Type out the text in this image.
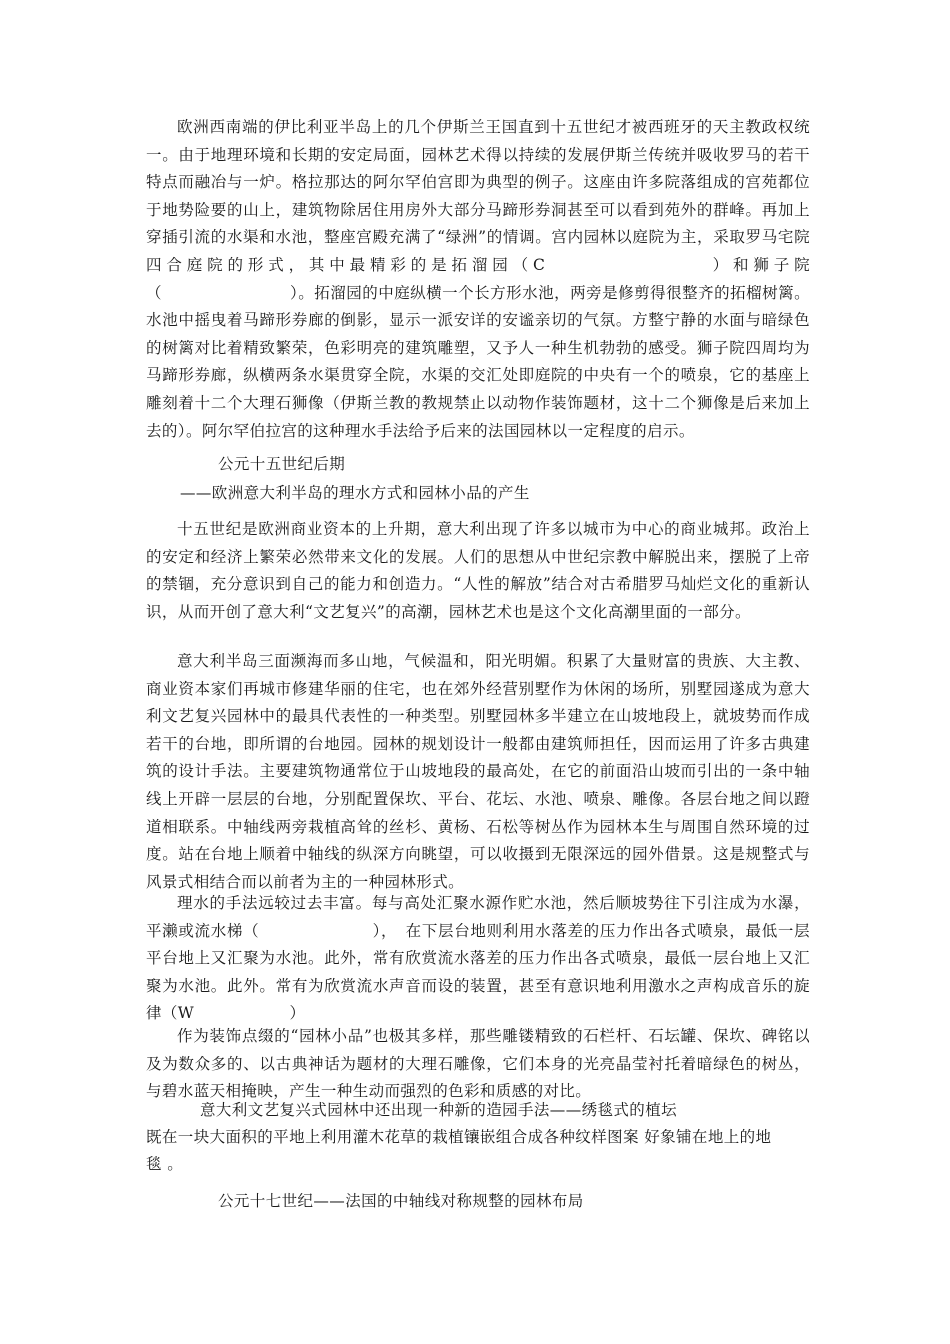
欧洲西南端的伊比利亚半岛上的几个伊斯兰王国直到十五世纪才被西班牙的天主教政权统一。由于地理环境和长期的安定局面，园林艺术得以持续的发展伊斯兰传统并吸收罗马的若干特点而融冶与一炉。格拉那达的阿尔罕伯宫即为典型的例子。这座由许多院落组成的宫苑都位于地势险要的山上，建筑物除居住用房外大部分马蹄形券洞甚至可以看到苑外的群峰。再加上穿插引流的水渠和水池，整座宫殿充满了“绿洲”的情调。宫内园林以庭院为主，采取罗马宅院四合庭院的形式，其中最精彩的是拓溜园（C　　　　　　　　）和狮子院（　　　　　　　　）。拓溜园的中庭纵横一个长方形水池，两旁是修剪得很整齐的拓榴树篱。水池中摇曳着马蹄形券廊的倒影，显示一派安详的安谧亲切的气氛。方整宁静的水面与暗绿色的树篱对比着精致繁荣，色彩明亮的建筑雕塑，又予人一种生机勃勃的感受。狮子院四周均为马蹄形券廊，纵横两条水渠贯穿全院，水渠的交汇处即庭院的中央有一个的喷泉，它的基座上雕刻着十二个大理石狮像（伊斯兰教的教规禁止以动物作装饰题材，这十二个狮像是后来加上去的）。阿尔罕伯拉宫的这种理水手法给予后来的法国园林以一定程度的启示。

公元十五世纪后期

——欧洲意大利半岛的理水方式和园林小品的产生

十五世纪是欧洲商业资本的上升期，意大利出现了许多以城市为中心的商业城邦。政治上的安定和经济上繁荣必然带来文化的发展。人们的思想从中世纪宗教中解脱出来，摆脱了上帝的禁锢，充分意识到自己的能力和创造力。“人性的解放”结合对古希腊罗马灿烂文化的重新认识，从而开创了意大利“文艺复兴”的高潮，园林艺术也是这个文化高潮里面的一部分。

意大利半岛三面濒海而多山地，气候温和，阳光明媚。积累了大量财富的贵族、大主教、商业资本家们再城市修建华丽的住宅，也在郊外经营别墅作为休闲的场所，别墅园遂成为意大利文艺复兴园林中的最具代表性的一种类型。别墅园林多半建立在山坡地段上，就坡势而作成若干的台地，即所谓的台地园。园林的规划设计一般都由建筑师担任，因而运用了许多古典建筑的设计手法。主要建筑物通常位于山坡地段的最高处，在它的前面沿山坡而引出的一条中轴线上开辟一层层的台地，分别配置保坎、平台、花坛、水池、喷泉、雕像。各层台地之间以蹬道相联系。中轴线两旁栽植高耸的丝杉、黄杨、石松等树丛作为园林本生与周围自然环境的过度。站在台地上顺着中轴线的纵深方向眺望，可以收摄到无限深远的园外借景。这是规整式与风景式相结合而以前者为主的一种园林形式。

理水的手法远较过去丰富。每与高处汇聚水源作贮水池，然后顺坡势往下引注成为水瀑，平濑或流水梯（　　　　　　　），　在下层台地则利用水落差的压力作出各式喷泉，最低一层平台地上又汇聚为水池。此外，常有欣赏流水落差的压力作出各式喷泉，最低一层台地上又汇聚为水池。此外。常有为欣赏流水声音而设的装置，甚至有意识地利用激水之声构成音乐的旋律（W　　　　　　）

作为装饰点缀的“园林小品”也极其多样，那些雕镂精致的石栏杆、石坛罐、保坎、碑铭以及为数众多的、以古典神话为题材的大理石雕像，它们本身的光亮晶莹衬托着暗绿色的树丛，与碧水蓝天相掩映，产生一种生动而强烈的色彩和质感的对比。

意大利文艺复兴式园林中还出现一种新的造园手法——绣毯式的植坛

既在一块大面积的平地上利用灌木花草的栽植镶嵌组合成各种纹样图案 好象铺在地上的地

毯 。

公元十七世纪——法国的中轴线对称规整的园林布局
